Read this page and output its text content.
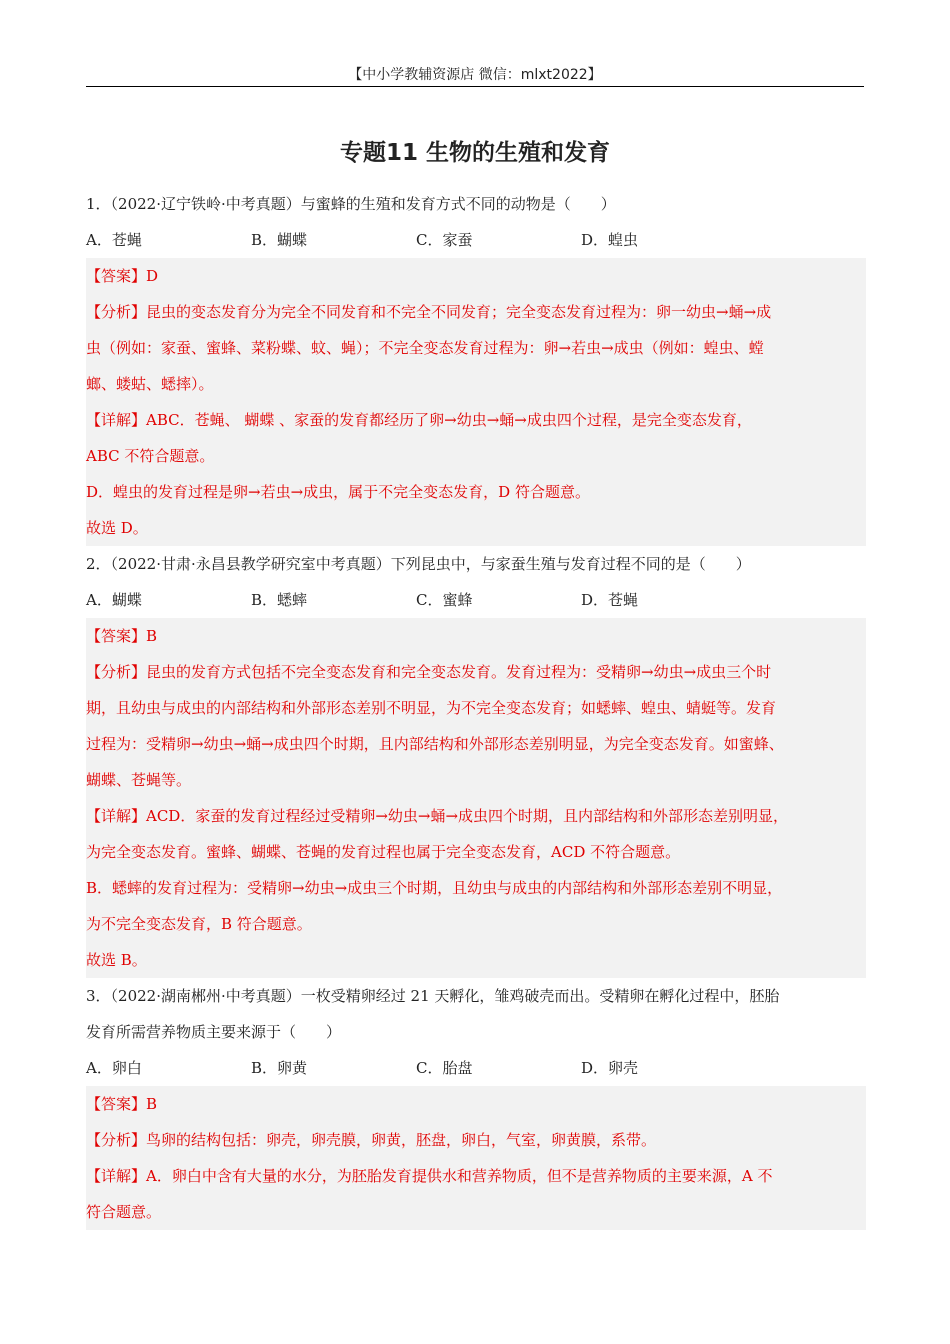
【中小学教辅资源店 微信：mlxt2022】
专题11 生物的生殖和发育
1．（2022·辽宁铁岭·中考真题）与蜜蜂的生殖和发育方式不同的动物是（　　）
A．苍蝇	B．蝴蝶	C．家蚕	D．蝗虫
【答案】D
【分析】昆虫的变态发育分为完全不同发育和不完全不同发育；完全变态发育过程为：卵一幼虫→蛹→成
虫（例如：家蚕、蜜蜂、菜粉蝶、蚊、蝇）；不完全变态发育过程为：卵→若虫→成虫（例如：蝗虫、螳
螂、蝼蛄、蟋摔）。
【详解】ABC．苍蝇、 蝴蝶 、家蚕的发育都经历了卵→幼虫→蛹→成虫四个过程，是完全变态发育，
ABC 不符合题意。
D．蝗虫的发育过程是卵→若虫→成虫，属于不完全变态发育，D 符合题意。
故选 D。
2．（2022·甘肃·永昌县教学研究室中考真题）下列昆虫中，与家蚕生殖与发育过程不同的是（　　）
A．蝴蝶	B．蟋蟀	C．蜜蜂	D．苍蝇
【答案】B
【分析】昆虫的发育方式包括不完全变态发育和完全变态发育。发育过程为：受精卵→幼虫→成虫三个时
期，且幼虫与成虫的内部结构和外部形态差别不明显，为不完全变态发育；如蟋蟀、蝗虫、蜻蜓等。发育
过程为：受精卵→幼虫→蛹→成虫四个时期，且内部结构和外部形态差别明显，为完全变态发育。如蜜蜂、
蝴蝶、苍蝇等。
【详解】ACD．家蚕的发育过程经过受精卵→幼虫→蛹→成虫四个时期，且内部结构和外部形态差别明显，
为完全变态发育。蜜蜂、蝴蝶、苍蝇的发育过程也属于完全变态发育，ACD 不符合题意。
B．蟋蟀的发育过程为：受精卵→幼虫→成虫三个时期，且幼虫与成虫的内部结构和外部形态差别不明显，
为不完全变态发育，B 符合题意。
故选 B。
3．（2022·湖南郴州·中考真题）一枚受精卵经过 21 天孵化，雏鸡破壳而出。受精卵在孵化过程中，胚胎
发育所需营养物质主要来源于（　　）
A．卵白	B．卵黄	C．胎盘	D．卵壳
【答案】B
【分析】鸟卵的结构包括：卵壳，卵壳膜，卵黄，胚盘，卵白，气室，卵黄膜，系带。
【详解】A．卵白中含有大量的水分，为胚胎发育提供水和营养物质，但不是营养物质的主要来源，A 不
符合题意。
